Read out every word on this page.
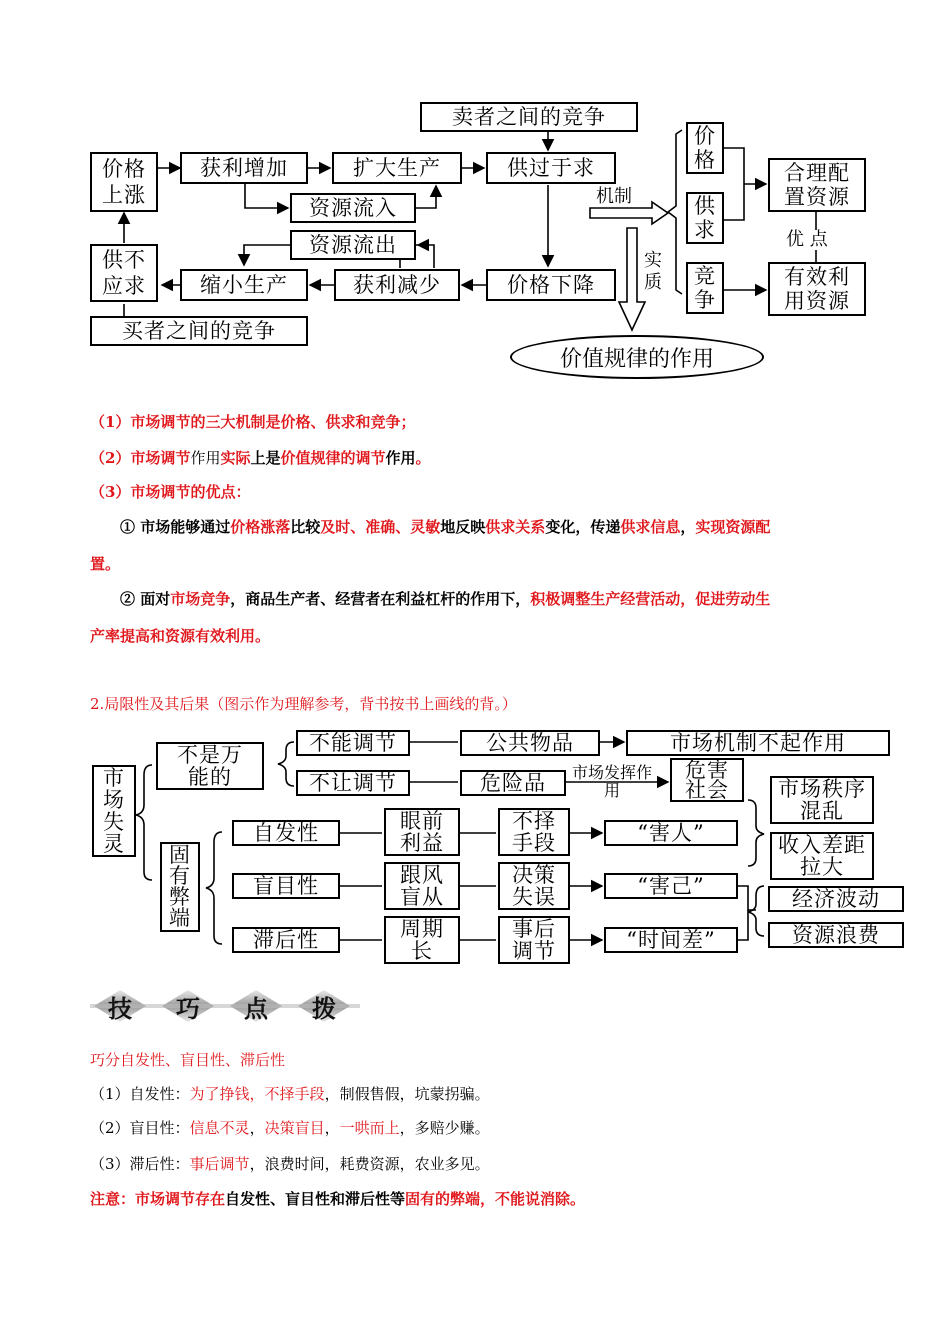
卖者之间的竞争
价格上涨
获利增加	扩大生产	供过于求
资源流入
资源流出
供不应求	缩小生产	获利减少	价格下降
买者之间的竞争
机制
实质
价格
供求
竞争
合理配置资源
优 点
有效利用资源
价值规律的作用
（1）市场调节的三大机制是价格、供求和竞争；
（2）市场调节作用实际上是价值规律的调节作用。
（3）市场调节的优点：
① 市场能够通过价格涨落比较及时、准确、灵敏地反映供求关系变化，传递供求信息，实现资源配
置。
② 面对市场竞争，商品生产者、经营者在利益杠杆的作用下，积极调整生产经营活动，促进劳动生
产率提高和资源有效利用。
2.局限性及其后果（图示作为理解参考，背书按书上画线的背。）
市场失灵
不是万能的
不能调节	公共物品	市场机制不起作用
不让调节	危险品 市场发挥作用
危害社会
固有弊端
自发性	眼前利益
不择手段	“害人”
市场秩序混乱
收入差距拉大
盲目性	跟风盲从
决策失误	“害己”
经济波动
滞后性	周期长
事后调节	“时间差”	资源浪费
技	巧	点	拨
巧分自发性、盲目性、滞后性
（1）自发性：为了挣钱，不择手段，制假售假，坑蒙拐骗。
（2）盲目性：信息不灵，决策盲目，一哄而上，多赔少赚。
（3）滞后性：事后调节，浪费时间，耗费资源，农业多见。
注意：市场调节存在自发性、盲目性和滞后性等固有的弊端，不能说消除。
